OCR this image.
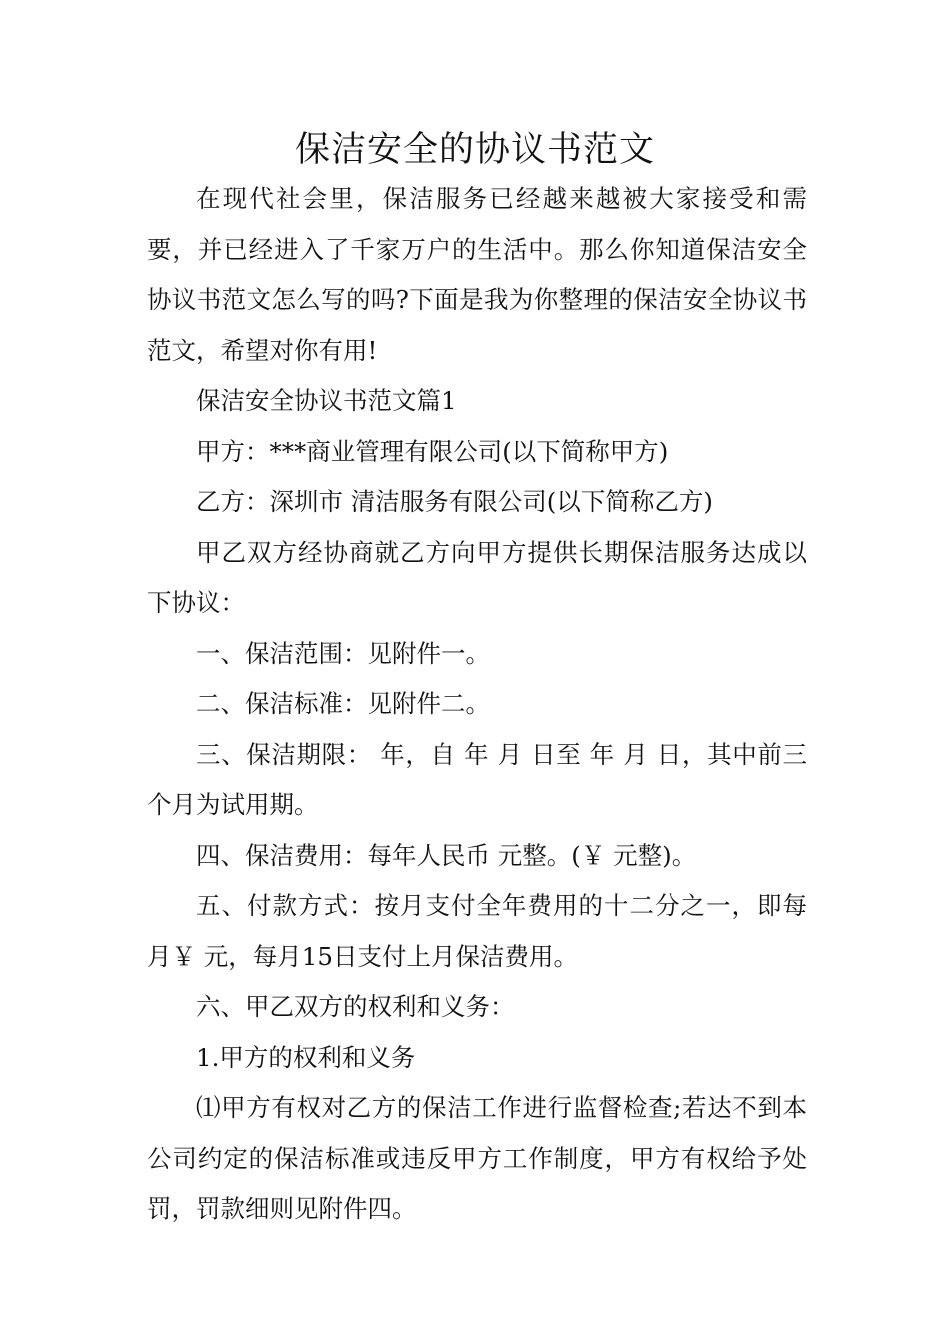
保洁安全的协议书范文

在现代社会里，保洁服务已经越来越被大家接受和需要，并已经进入了千家万户的生活中。那么你知道保洁安全协议书范文怎么写的吗?下面是我为你整理的保洁安全协议书范文，希望对你有用!

保洁安全协议书范文篇1

甲方：***商业管理有限公司(以下简称甲方)

乙方：深圳市 清洁服务有限公司(以下简称乙方)

甲乙双方经协商就乙方向甲方提供长期保洁服务达成以下协议：

一、保洁范围：见附件一。

二、保洁标准：见附件二。

三、保洁期限： 年，自 年 月 日至 年 月 日，其中前三个月为试用期。

四、保洁费用：每年人民币 元整。(￥ 元整)。

五、付款方式：按月支付全年费用的十二分之一，即每月￥ 元，每月15日支付上月保洁费用。

六、甲乙双方的权利和义务：

1.甲方的权利和义务

⑴甲方有权对乙方的保洁工作进行监督检查;若达不到本公司约定的保洁标准或违反甲方工作制度，甲方有权给予处罚，罚款细则见附件四。
